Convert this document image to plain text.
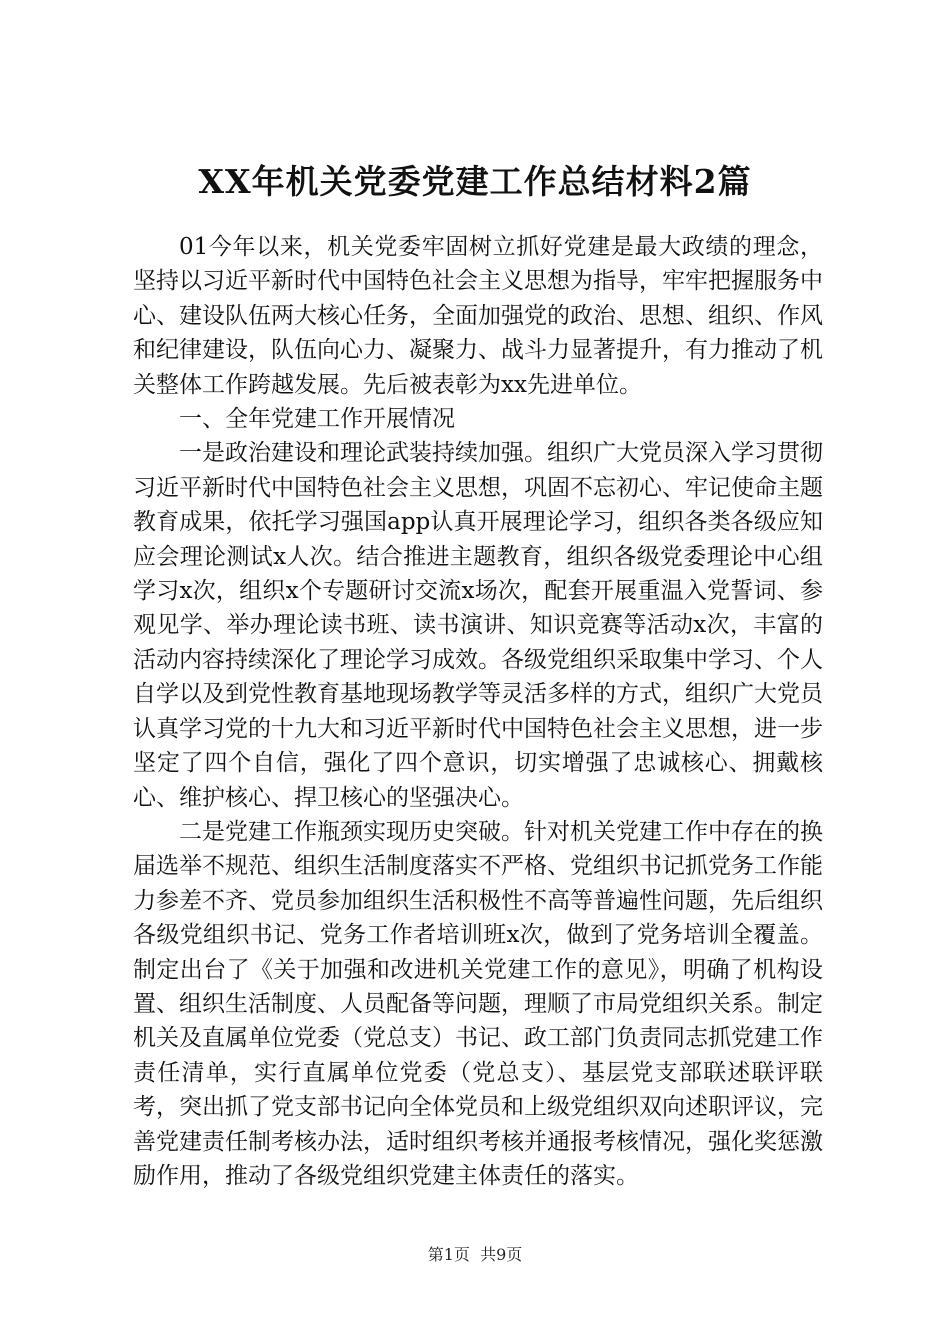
XX年机关党委党建工作总结材料2篇

01今年以来，机关党委牢固树立抓好党建是最大政绩的理念，坚持以习近平新时代中国特色社会主义思想为指导，牢牢把握服务中心、建设队伍两大核心任务，全面加强党的政治、思想、组织、作风和纪律建设，队伍向心力、凝聚力、战斗力显著提升，有力推动了机关整体工作跨越发展。先后被表彰为xx先进单位。

一、全年党建工作开展情况

一是政治建设和理论武装持续加强。组织广大党员深入学习贯彻习近平新时代中国特色社会主义思想，巩固不忘初心、牢记使命主题教育成果，依托学习强国app认真开展理论学习，组织各类各级应知应会理论测试x人次。结合推进主题教育，组织各级党委理论中心组学习x次，组织x个专题研讨交流x场次，配套开展重温入党誓词、参观见学、举办理论读书班、读书演讲、知识竞赛等活动x次，丰富的活动内容持续深化了理论学习成效。各级党组织采取集中学习、个人自学以及到党性教育基地现场教学等灵活多样的方式，组织广大党员认真学习党的十九大和习近平新时代中国特色社会主义思想，进一步坚定了四个自信，强化了四个意识，切实增强了忠诚核心、拥戴核心、维护核心、捍卫核心的坚强决心。

二是党建工作瓶颈实现历史突破。针对机关党建工作中存在的换届选举不规范、组织生活制度落实不严格、党组织书记抓党务工作能力参差不齐、党员参加组织生活积极性不高等普遍性问题，先后组织各级党组织书记、党务工作者培训班x次，做到了党务培训全覆盖。制定出台了《关于加强和改进机关党建工作的意见》，明确了机构设置、组织生活制度、人员配备等问题，理顺了市局党组织关系。制定机关及直属单位党委（党总支）书记、政工部门负责同志抓党建工作责任清单，实行直属单位党委（党总支）、基层党支部联述联评联考，突出抓了党支部书记向全体党员和上级党组织双向述职评议，完善党建责任制考核办法，适时组织考核并通报考核情况，强化奖惩激励作用，推动了各级党组织党建主体责任的落实。

第1页 共9页
